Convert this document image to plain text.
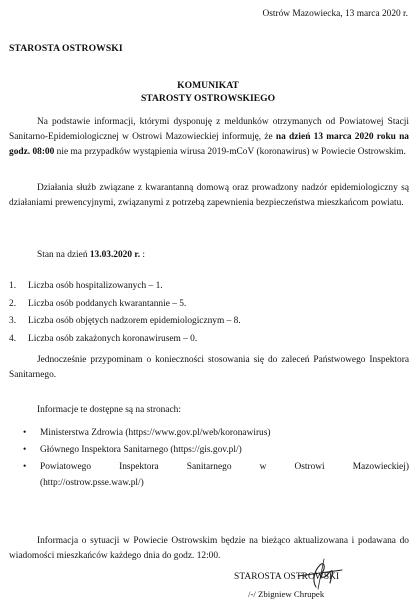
Ostrów Mazowiecka, 13 marca 2020 r.
STAROSTA OSTROWSKI
KOMUNIKAT
STAROSTY OSTROWSKIEGO
Na podstawie informacji, którymi dysponuję z meldunków otrzymanych od Powiatowej Stacji Sanitarno-Epidemiologicznej w Ostrowi Mazowieckiej informuję, że na dzień 13 marca 2020 roku na godz. 08:00 nie ma przypadków wystąpienia wirusa 2019-mCoV (koronawirus) w Powiecie Ostrowskim.
Działania służb związane z kwarantanną domową oraz prowadzony nadzór epidemiologiczny są działaniami prewencyjnymi, związanymi z potrzebą zapewnienia bezpieczeństwa mieszkańcom powiatu.
Stan na dzień 13.03.2020 r. :
1.	Liczba osób hospitalizowanych – 1.
2.	Liczba osób poddanych kwarantannie – 5.
3.	Liczba osób objętych nadzorem epidemiologicznym – 8.
4.	Liczba osób zakażonych koronawirusem – 0.
Jednocześnie przypominam o konieczności stosowania się do zaleceń Państwowego Inspektora Sanitarnego.
Informacje te dostępne są na stronach:
•	Ministerstwa Zdrowia (https://www.gov.pl/web/koronawirus)
•	Głównego Inspektora Sanitarnego (https://gis.gov.pl/)
•	Powiatowego	Inspektora	Sanitarnego	w	Ostrowi	Mazowieckiej)
(http://ostrow.psse.waw.pl/)
Informacja o sytuacji w Powiecie Ostrowskim będzie na bieżąco aktualizowana i podawana do wiadomości mieszkańców każdego dnia do godz. 12:00.
STAROSTA OSTROWSKI
/-/ Zbigniew Chrupek
